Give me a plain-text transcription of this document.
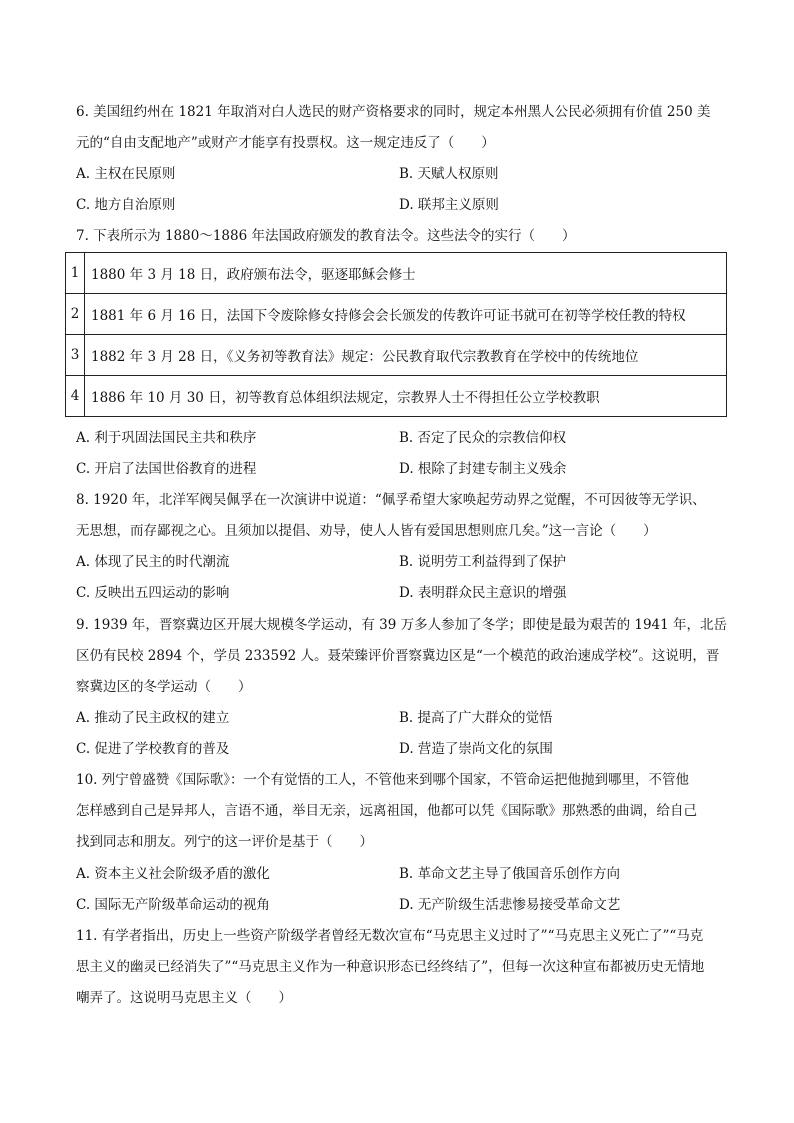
6. 美国纽约州在 1821 年取消对白人选民的财产资格要求的同时，规定本州黑人公民必须拥有价值 250 美
元的“自由支配地产”或财产才能享有投票权。这一规定违反了（　　）
A. 主权在民原则	B. 天赋人权原则
C. 地方自治原则	D. 联邦主义原则
7. 下表所示为 1880～1886 年法国政府颁发的教育法令。这些法令的实行（　　）
1	1880 年 3 月 18 日，政府颁布法令，驱逐耶稣会修士
2	1881 年 6 月 16 日，法国下令废除修女持修会会长颁发的传教许可证书就可在初等学校任教的特权
3	1882 年 3 月 28 日，《义务初等教育法》规定：公民教育取代宗教教育在学校中的传统地位
4	1886 年 10 月 30 日，初等教育总体组织法规定，宗教界人士不得担任公立学校教职
A. 利于巩固法国民主共和秩序	B. 否定了民众的宗教信仰权
C. 开启了法国世俗教育的进程	D. 根除了封建专制主义残余
8. 1920 年，北洋军阀吴佩孚在一次演讲中说道：“佩孚希望大家唤起劳动界之觉醒，不可因彼等无学识、
无思想，而存鄙视之心。且须加以提倡、劝导，使人人皆有爱国思想则庶几矣。”这一言论（　　）
A. 体现了民主的时代潮流	B. 说明劳工利益得到了保护
C. 反映出五四运动的影响	D. 表明群众民主意识的增强
9. 1939 年，晋察冀边区开展大规模冬学运动，有 39 万多人参加了冬学；即使是最为艰苦的 1941 年，北岳
区仍有民校 2894 个，学员 233592 人。聂荣臻评价晋察冀边区是“一个模范的政治速成学校”。这说明，晋
察冀边区的冬学运动（　　）
A. 推动了民主政权的建立	B. 提高了广大群众的觉悟
C. 促进了学校教育的普及	D. 营造了崇尚文化的氛围
10. 列宁曾盛赞《国际歌》：一个有觉悟的工人，不管他来到哪个国家，不管命运把他抛到哪里，不管他
怎样感到自己是异邦人，言语不通，举目无亲，远离祖国，他都可以凭《国际歌》那熟悉的曲调，给自己
找到同志和朋友。列宁的这一评价是基于（　　）
A. 资本主义社会阶级矛盾的激化	B. 革命文艺主导了俄国音乐创作方向
C. 国际无产阶级革命运动的视角	D. 无产阶级生活悲惨易接受革命文艺
11. 有学者指出，历史上一些资产阶级学者曾经无数次宣布“马克思主义过时了”“马克思主义死亡了”“马克
思主义的幽灵已经消失了”“马克思主义作为一种意识形态已经终结了”，但每一次这种宣布都被历史无情地
嘲弄了。这说明马克思主义（　　）
